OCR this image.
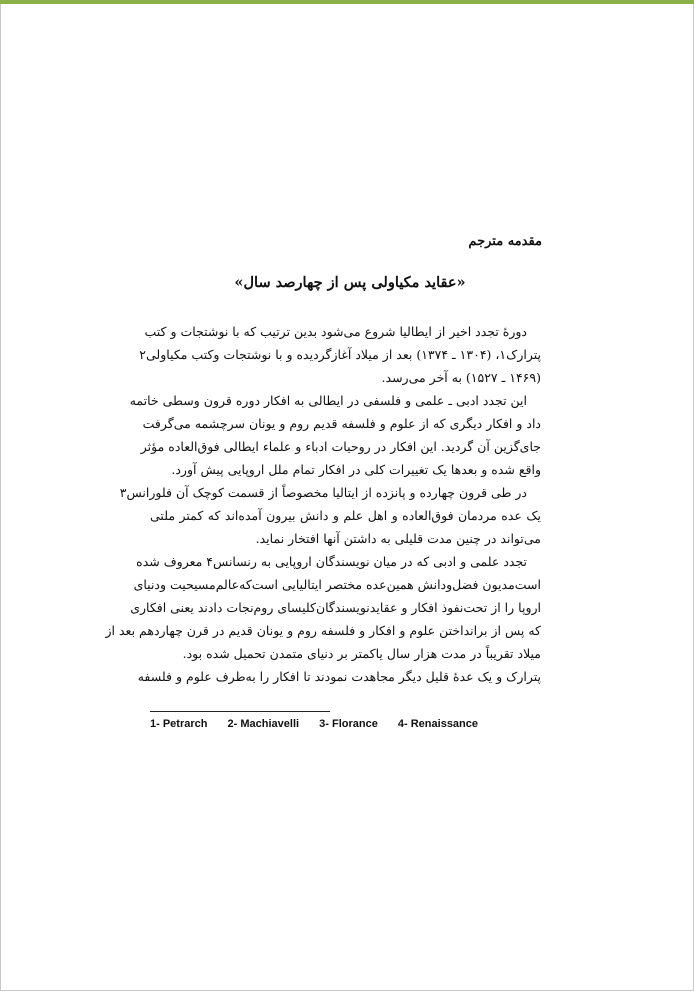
مقدمه مترجم
«عقاید مکیاولی پس از چهارصد سال»
دورهٔ تجدد اخیر از ایطالیا شروع می‌شود بدین ترتیب که با نوشتجات و کتب
پترارک۱، (۱۳۰۴ ـ ۱۳۷۴) بعد از میلاد آغازگردیده و با نوشتجات وکتب مکیاولی۲
(۱۴۶۹ ـ ۱۵۲۷) به آخر می‌رسد.
این تجدد ادبی ـ علمی و فلسفی در ایطالی به افکار دوره قرون وسطی خاتمه
داد و افکار دیگری که از علوم و فلسفه قدیم روم و یونان سرچشمه می‌گرفت
جای‌گزین آن گردید. این افکار در روحیات ادباء و علماء ایطالی فوق‌العاده مؤثر
واقع شده و بعدها یک تغییرات کلی در افکار تمام ملل اروپایی پیش آورد.
در طی قرون چهارده و پانزده از ایتالیا مخصوصاً از قسمت کوچک آن فلورانس۳
یک عده مردمان فوق‌العاده و اهل علم و دانش بیرون آمده‌اند که کمتر ملتی
می‌تواند در چنین مدت قلیلی به داشتن آنها افتخار نماید.
تجدد علمی و ادبی که در میان نویسندگان اروپایی به رنسانس۴ معروف شده
است‌مدیون فضل‌ودانش همین‌عده مختصر ایتالیایی است‌که‌عالم‌مسیحیت ودنیای
اروپا را از تحت‌نفوذ افکار و عقایدنویسندگان‌کلیسای روم‌نجات دادند یعنی افکاری
که پس از برانداختن علوم و افکار و فلسفه روم و یونان قدیم در قرن چهاردهم بعد از
میلاد تقریباً در مدت هزار سال یاکمتر بر دنیای متمدن تحمیل شده بود.
پترارک و یک عدهٔ قلیل دیگر مجاهدت نمودند تا افکار را به‌طرف علوم و فلسفه
1- Petrarch 2- Machiavelli 3- Florance 4- Renaissance
